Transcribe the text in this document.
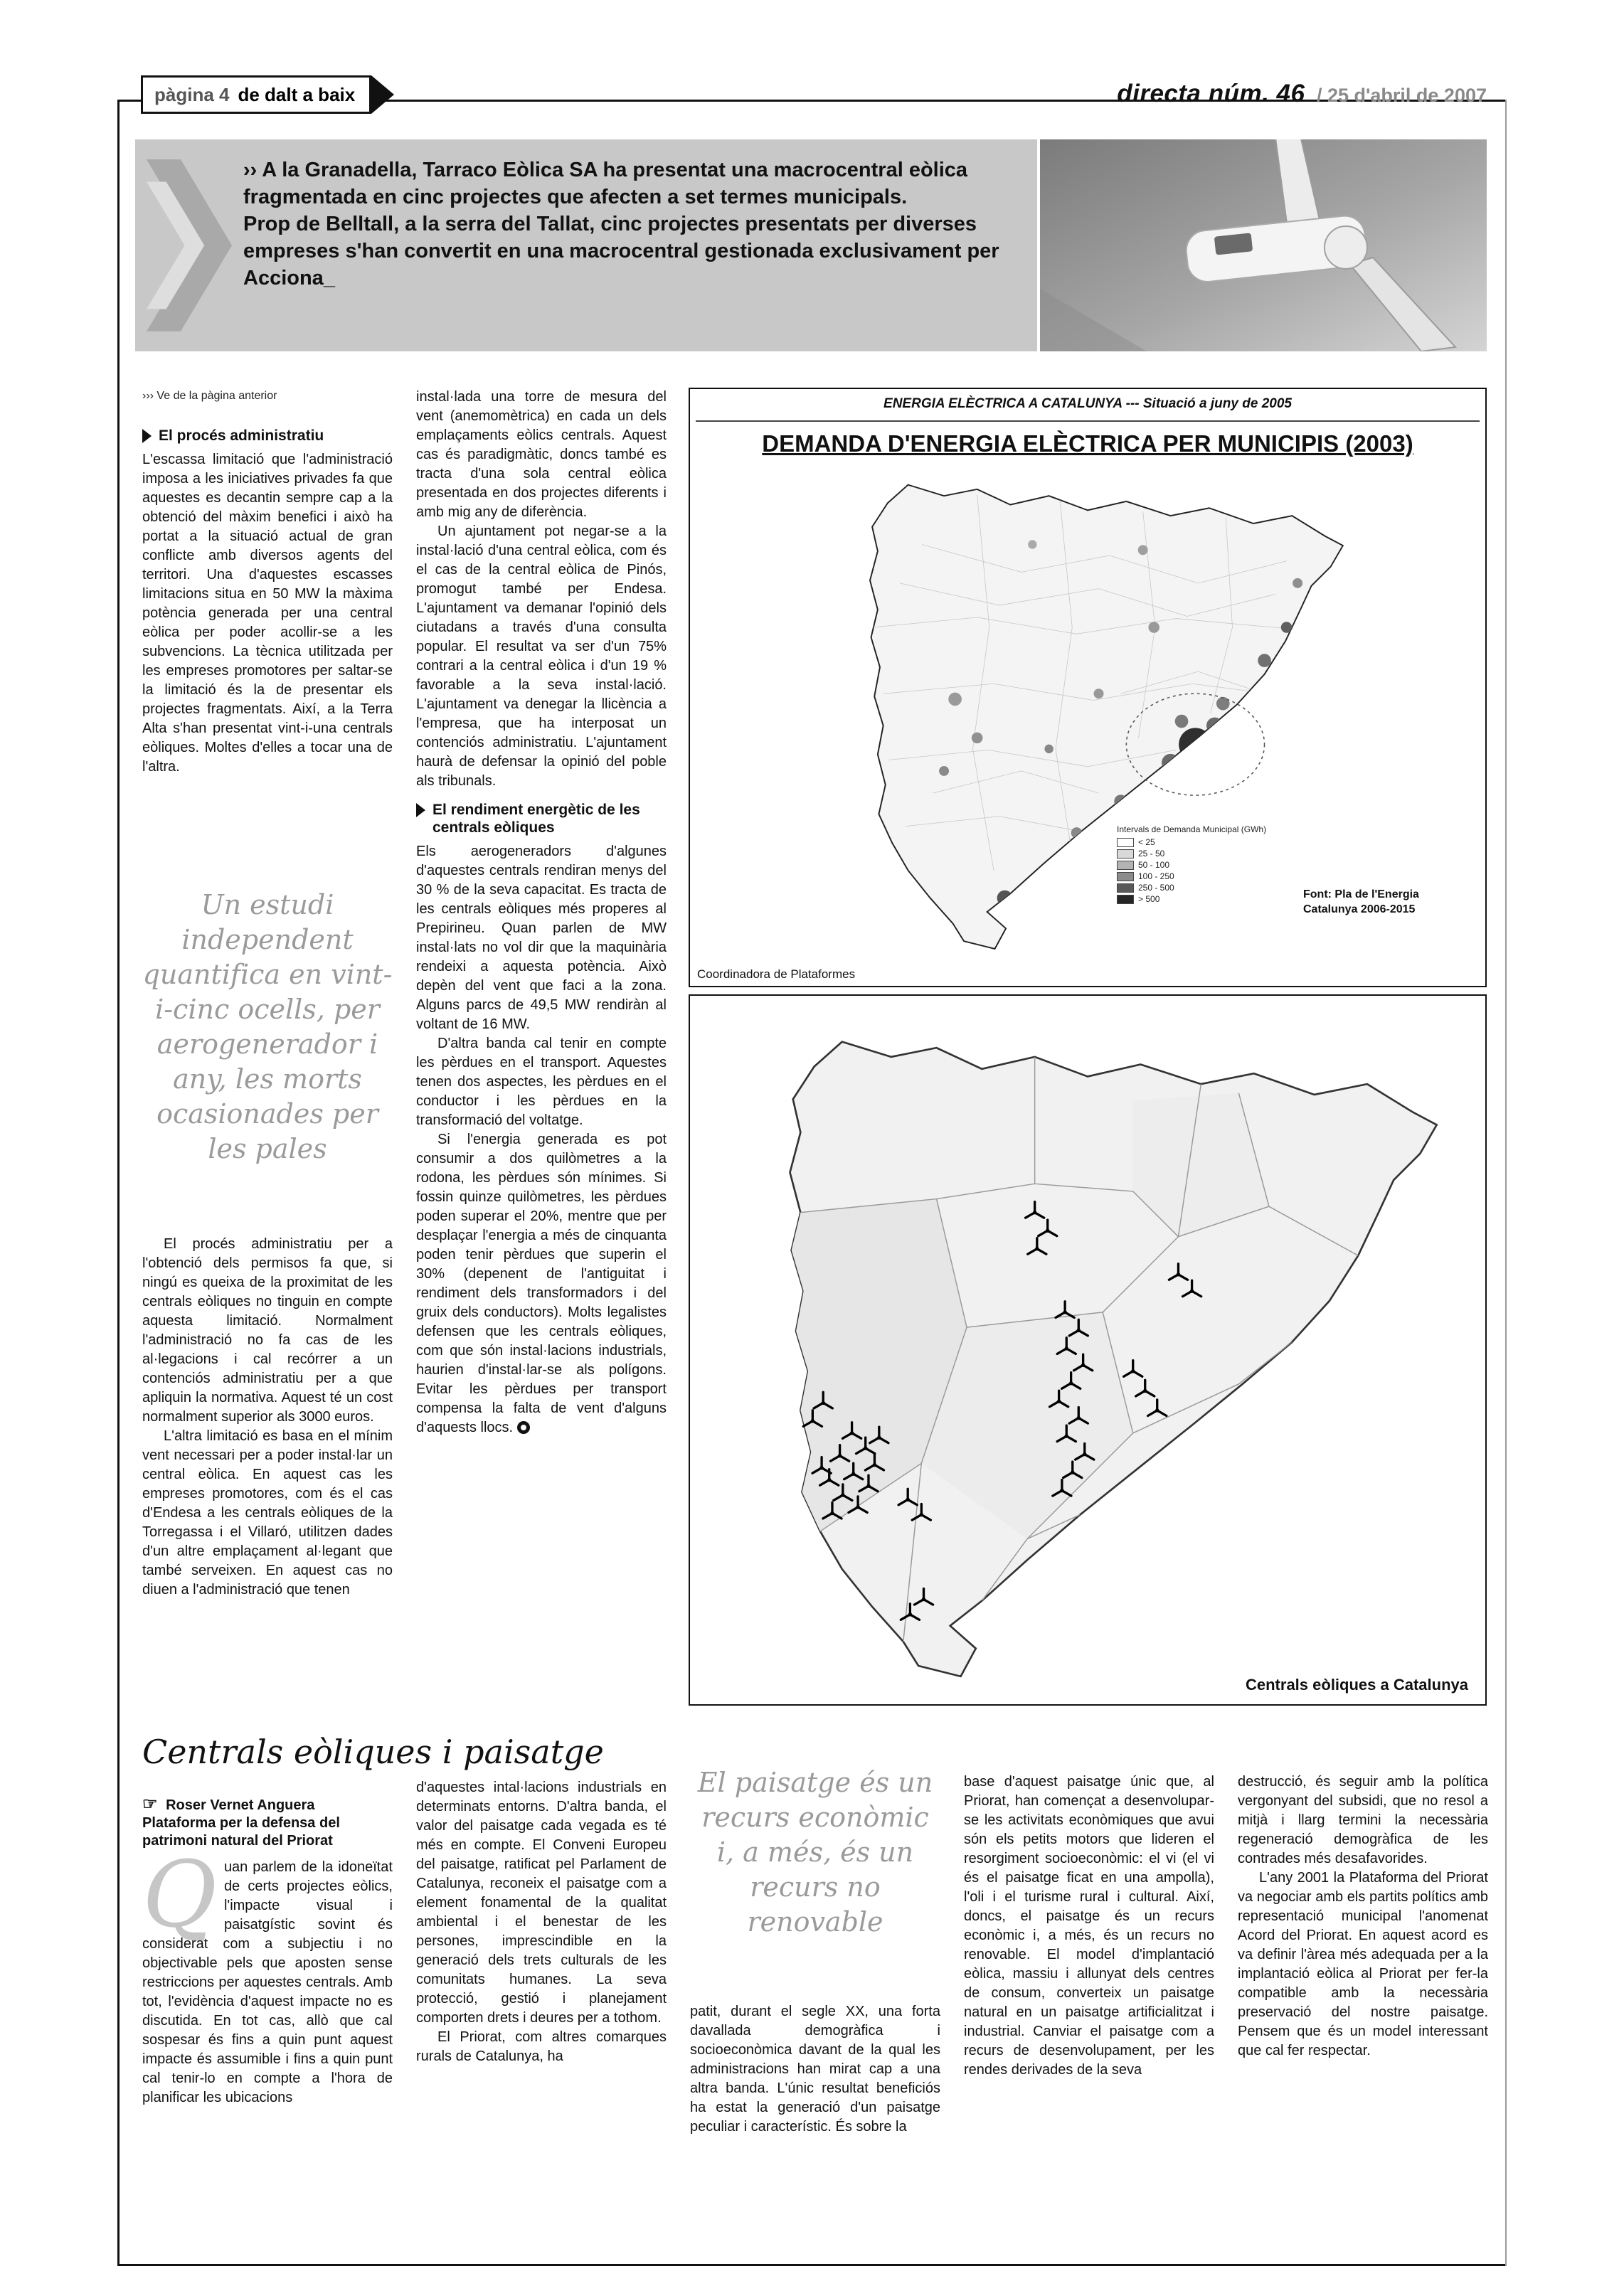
pàgina 4 de dalt a baix	directa núm. 46 / 25 d'abril de 2007

›› A la Granadella, Tarraco Eòlica SA ha presentat una macrocentral eòlica fragmentada en cinc projectes que afecten a set termes municipals.

Prop de Belltall, a la serra del Tallat, cinc projectes presentats per diverses empreses s'han convertit en una macrocentral gestionada exclusivament per Acciona_

››› Ve de la pàgina anterior
El procés administratiu

L'escassa limitació que l'administració imposa a les iniciatives privades fa que aquestes es decantin sempre cap a la obtenció del màxim benefici i això ha portat a la situació actual de gran conflicte amb diversos agents del territori. Una d'aquestes escasses limitacions situa en 50 MW la màxima potència generada per una central eòlica per poder acollir-se a les subvencions. La tècnica utilitzada per les empreses promotores per saltar-se la limitació és la de presentar els projectes fragmentats. Així, a la Terra Alta s'han presentat vint-i-una centrals eòliques. Moltes d'elles a tocar una de l'altra.

Un estudi independent quantifica en vint-i-cinc ocells, per aerogenerador i any, les morts ocasionades per les pales

El procés administratiu per a l'obtenció dels permisos fa que, si ningú es queixa de la proximitat de les centrals eòliques no tinguin en compte aquesta limitació. Normalment l'administració no fa cas de les al·legacions i cal recórrer a un contenciós administratiu per a que apliquin la normativa. Aquest té un cost normalment superior als 3000 euros.

L'altra limitació es basa en el mínim vent necessari per a poder instal·lar un central eòlica. En aquest cas les empreses promotores, com és el cas d'Endesa a les centrals eòliques de la Torregassa i el Villaró, utilitzen dades d'un altre emplaçament al·legant que també serveixen. En aquest cas no diuen a l'administració que tenen

instal·lada una torre de mesura del vent (anemomètrica) en cada un dels emplaçaments eòlics centrals. Aquest cas és paradigmàtic, doncs també es tracta d'una sola central eòlica presentada en dos projectes diferents i amb mig any de diferència.

Un ajuntament pot negar-se a la instal·lació d'una central eòlica, com és el cas de la central eòlica de Pinós, promogut també per Endesa. L'ajuntament va demanar l'opinió dels ciutadans a través d'una consulta popular. El resultat va ser d'un 75% contrari a la central eòlica i d'un 19 % favorable a la seva instal·lació. L'ajuntament va denegar la llicència a l'empresa, que ha interposat un contenciós administratiu. L'ajuntament haurà de defensar la opinió del poble als tribunals.

El rendiment energètic de les centrals eòliques

Els aerogeneradors d'algunes d'aquestes centrals rendiran menys del 30 % de la seva capacitat. Es tracta de les centrals eòliques més properes al Prepirineu. Quan parlen de MW instal·lats no vol dir que la maquinària rendeixi a aquesta potència. Això depèn del vent que faci a la zona. Alguns parcs de 49,5 MW rendiràn al voltant de 16 MW.

D'altra banda cal tenir en compte les pèrdues en el transport. Aquestes tenen dos aspectes, les pèrdues en el conductor i les pèrdues en la transformació del voltatge.

Si l'energia generada es pot consumir a dos quilòmetres a la rodona, les pèrdues són mínimes. Si fossin quinze quilòmetres, les pèrdues poden superar el 20%, mentre que per desplaçar l'energia a més de cinquanta poden tenir pèrdues que superin el 30% (depenent de l'antiguitat i rendiment dels transformadors i del gruix dels conductors). Molts legalistes defensen que les centrals eòliques, com que són instal·lacions industrials, haurien d'instal·lar-se als polígons. Evitar les pèrdues per transport compensa la falta de vent d'alguns d'aquests llocs.

ENERGIA ELÈCTRICA A CATALUNYA --- Situació a juny de 2005
DEMANDA D'ENERGIA ELÈCTRICA PER MUNICIPIS (2003)
Intervals de Demanda Municipal (GWh)
< 25
25 - 50
50 - 100
100 - 250
250 - 500
> 500	Font: Pla de l'Energia
Catalunya 2006-2015
Coordinadora de Plataformes
Centrals eòliques a Catalunya
Centrals eòliques i paisatge
☞ Roser Vernet Anguera
Plataforma per la defensa del patrimoni natural del Priorat

Quan parlem de la idoneïtat de certs projectes eòlics, l'impacte visual i paisatgístic sovint és considerat com a subjectiu i no objectivable pels que aposten sense restriccions per aquestes centrals. Amb tot, l'evidència d'aquest impacte no es discutida. En tot cas, allò que cal sospesar és fins a quin punt aquest impacte és assumible i fins a quin punt cal tenir-lo en compte a l'hora de planificar les ubicacions

d'aquestes intal·lacions industrials en determinats entorns. D'altra banda, el valor del paisatge cada vegada es té més en compte. El Conveni Europeu del paisatge, ratificat pel Parlament de Catalunya, reconeix el paisatge com a element fonamental de la qualitat ambiental i el benestar de les persones, imprescindible en la generació dels trets culturals de les comunitats humanes. La seva protecció, gestió i planejament comporten drets i deures per a tothom.

El Priorat, com altres comarques rurals de Catalunya, ha

El paisatge és un recurs econòmic i, a més, és un recurs no renovable

patit, durant el segle XX, una forta davallada demogràfica i socioeconòmica davant de la qual les administracions han mirat cap a una altra banda. L'únic resultat beneficiós ha estat la generació d'un paisatge peculiar i característic. És sobre la

base d'aquest paisatge únic que, al Priorat, han començat a desenvolupar-se les activitats econòmiques que avui són els petits motors que lideren el resorgiment socioeconòmic: el vi (el vi és el paisatge ficat en una ampolla), l'oli i el turisme rural i cultural. Així, doncs, el paisatge és un recurs econòmic i, a més, és un recurs no renovable. El model d'implantació eòlica, massiu i allunyat dels centres de consum, converteix un paisatge natural en un paisatge artificialitzat i industrial. Canviar el paisatge com a recurs de desenvolupament, per les rendes derivades de la seva

destrucció, és seguir amb la política vergonyant del subsidi, que no resol a mitjà i llarg termini la necessària regeneració demogràfica de les contrades més desafavorides.

L'any 2001 la Plataforma del Priorat va negociar amb els partits polítics amb representació municipal l'anomenat Acord del Priorat. En aquest acord es va definir l'àrea més adequada per a la implantació eòlica al Priorat per fer-la compatible amb la necessària preservació del nostre paisatge. Pensem que és un model interessant que cal fer respectar.
